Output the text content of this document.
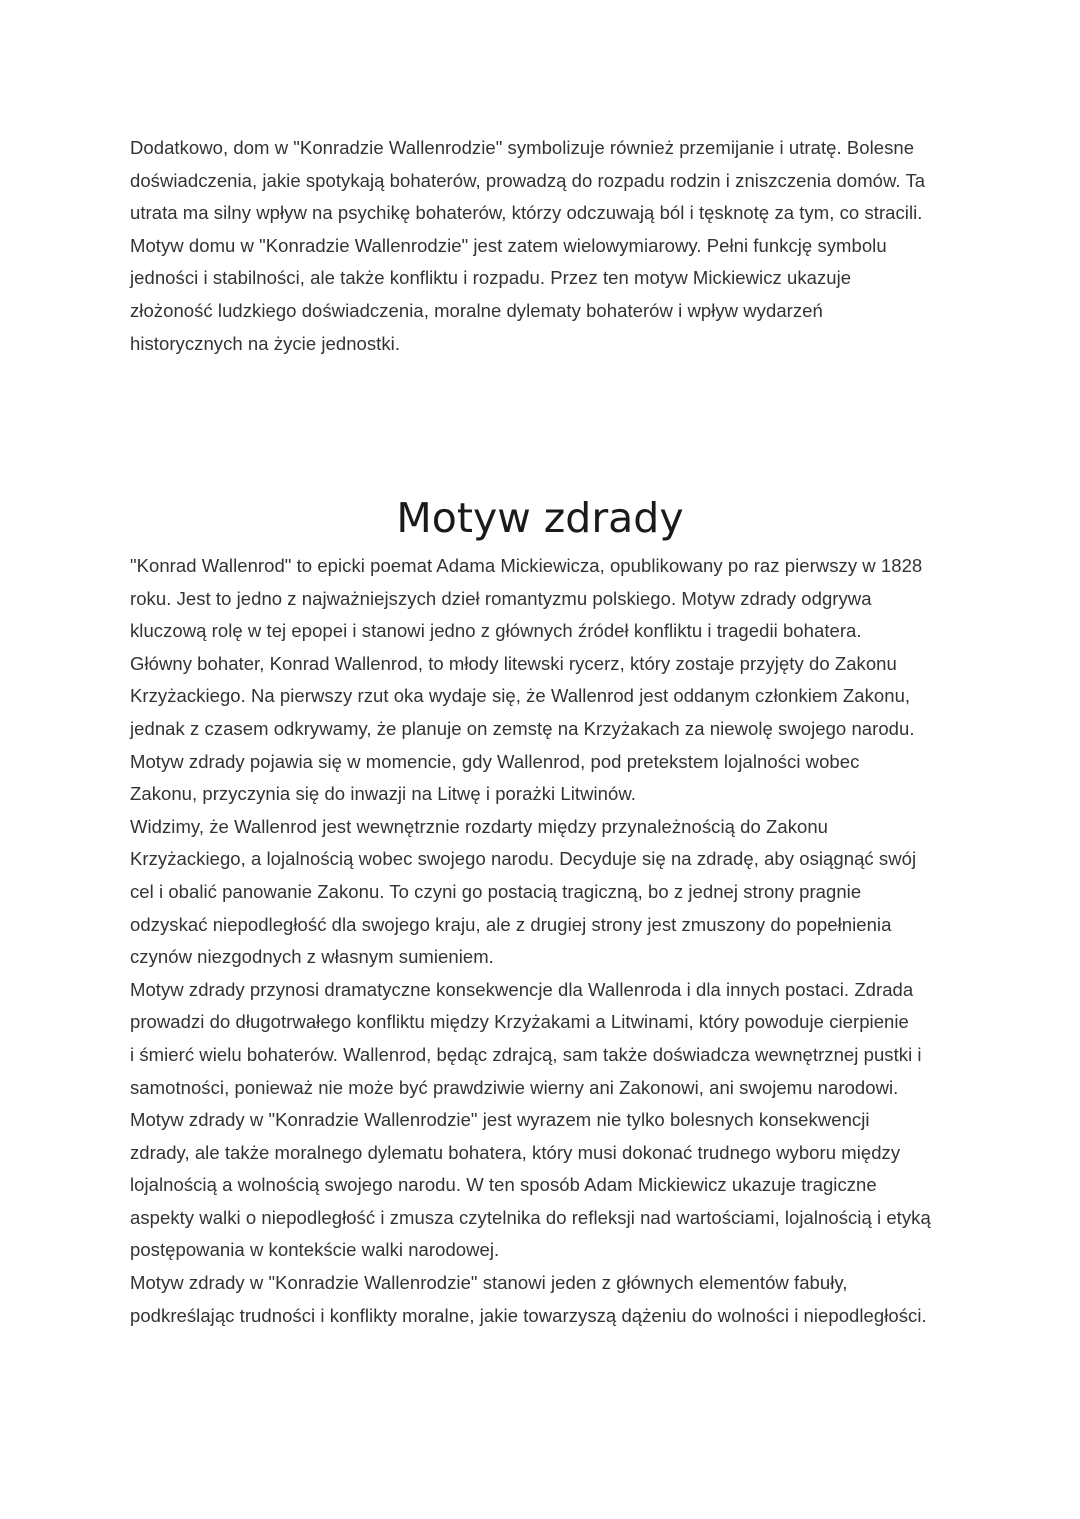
Dodatkowo, dom w "Konradzie Wallenrodzie" symbolizuje również przemijanie i utratę. Bolesne
doświadczenia, jakie spotykają bohaterów, prowadzą do rozpadu rodzin i zniszczenia domów. Ta
utrata ma silny wpływ na psychikę bohaterów, którzy odczuwają ból i tęsknotę za tym, co stracili.
Motyw domu w "Konradzie Wallenrodzie" jest zatem wielowymiarowy. Pełni funkcję symbolu
jedności i stabilności, ale także konfliktu i rozpadu. Przez ten motyw Mickiewicz ukazuje
złożoność ludzkiego doświadczenia, moralne dylematy bohaterów i wpływ wydarzeń
historycznych na życie jednostki.
Motyw zdrady
"Konrad Wallenrod" to epicki poemat Adama Mickiewicza, opublikowany po raz pierwszy w 1828
roku. Jest to jedno z najważniejszych dzieł romantyzmu polskiego. Motyw zdrady odgrywa
kluczową rolę w tej epopei i stanowi jedno z głównych źródeł konfliktu i tragedii bohatera.
Główny bohater, Konrad Wallenrod, to młody litewski rycerz, który zostaje przyjęty do Zakonu
Krzyżackiego. Na pierwszy rzut oka wydaje się, że Wallenrod jest oddanym członkiem Zakonu,
jednak z czasem odkrywamy, że planuje on zemstę na Krzyżakach za niewolę swojego narodu.
Motyw zdrady pojawia się w momencie, gdy Wallenrod, pod pretekstem lojalności wobec
Zakonu, przyczynia się do inwazji na Litwę i porażki Litwinów.
Widzimy, że Wallenrod jest wewnętrznie rozdarty między przynależnością do Zakonu
Krzyżackiego, a lojalnością wobec swojego narodu. Decyduje się na zdradę, aby osiągnąć swój
cel i obalić panowanie Zakonu. To czyni go postacią tragiczną, bo z jednej strony pragnie
odzyskać niepodległość dla swojego kraju, ale z drugiej strony jest zmuszony do popełnienia
czynów niezgodnych z własnym sumieniem.
Motyw zdrady przynosi dramatyczne konsekwencje dla Wallenroda i dla innych postaci. Zdrada
prowadzi do długotrwałego konfliktu między Krzyżakami a Litwinami, który powoduje cierpienie
i śmierć wielu bohaterów. Wallenrod, będąc zdrajcą, sam także doświadcza wewnętrznej pustki i
samotności, ponieważ nie może być prawdziwie wierny ani Zakonowi, ani swojemu narodowi.
Motyw zdrady w "Konradzie Wallenrodzie" jest wyrazem nie tylko bolesnych konsekwencji
zdrady, ale także moralnego dylematu bohatera, który musi dokonać trudnego wyboru między
lojalnością a wolnością swojego narodu. W ten sposób Adam Mickiewicz ukazuje tragiczne
aspekty walki o niepodległość i zmusza czytelnika do refleksji nad wartościami, lojalnością i etyką
postępowania w kontekście walki narodowej.
Motyw zdrady w "Konradzie Wallenrodzie" stanowi jeden z głównych elementów fabuły,
podkreślając trudności i konflikty moralne, jakie towarzyszą dążeniu do wolności i niepodległości.
